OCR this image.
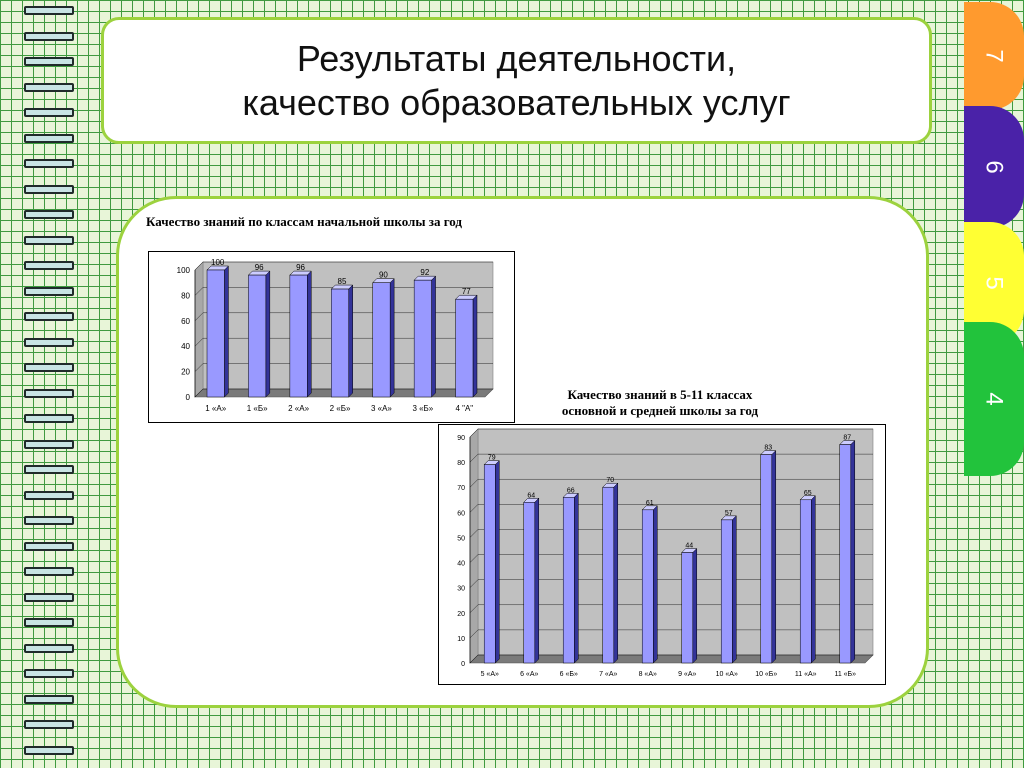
Результаты деятельности,
качество образовательных услуг
7
6
5
4
Качество знаний по классам начальной школы за год
0
20
40
60
80
100
100
1 «А»
96
1 «Б»
96
2 «А»
85
2 «Б»
90
3 «А»
92
3 «Б»
77
4 "А"
Качество знаний в 5-11 классах
основной и средней школы за год
0
10
20
30
40
50
60
70
80
90
79
5 «А»
64
6 «А»
66
6 «Б»
70
7 «А»
61
8 «А»
44
9 «А»
57
10 «А»
83
10 «Б»
65
11 «А»
87
11 «Б»
